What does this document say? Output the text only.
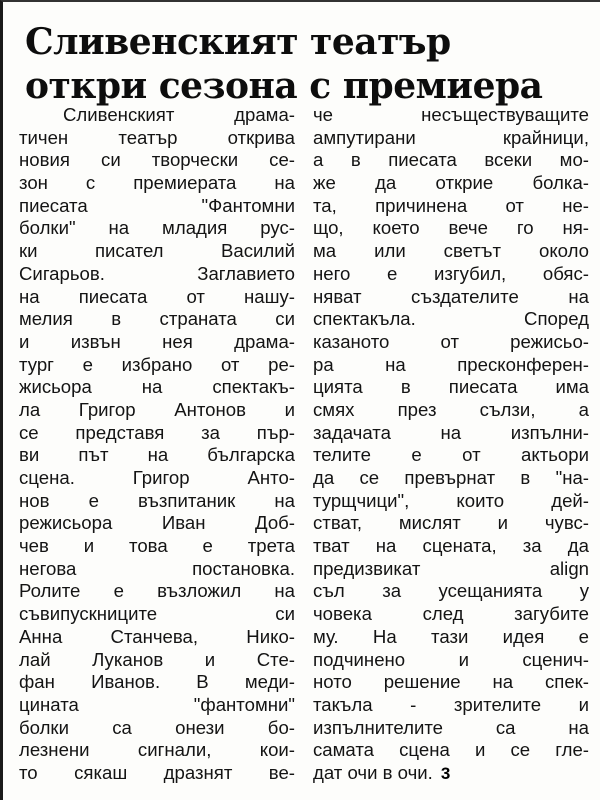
Сливенският театър
откри сезона с премиера
Сливенският драма-
тичен театър открива
новия си творчески се-
зон с премиерата на
пиесата "Фантомни
болки" на младия рус-
ки писател Василий
Сигарьов. Заглавието
на пиесата от нашу-
мелия в страната си
и извън нея драма-
тург е избрано от ре-
жисьора на спектакъ-
ла Григор Антонов и
се представя за пър-
ви път на българска
сцена. Григор Анто-
нов е възпитаник на
режисьора Иван Доб-
чев и това е трета
негова постановка.
Ролите е възложил на
съвипускниците си
Анна Станчева, Нико-
лай Луканов и Сте-
фан Иванов. В меди-
цината "фантомни"
болки са онези бо-
лезнени сигнали, кои-
то сякаш дразнят ве-
че несъществуващите
ампутирани крайници,
а в пиесата всеки мо-
же да открие болка-
та, причинена от не-
що, което вече го ня-
ма или светът около
него е изгубил, обяс-
няват създателите на
спектакъла. Според
казаното от режисьо-
ра на пресконферен-
цията в пиесата има
смях през сълзи, а
задачата на изпълни-
телите е от актьори
да се превърнат в "на-
турщчици", които дей-
стват, мислят и чувс-
тват на сцената, за да
предизвикат align
съл за усещанията у
човека след загубите
му. На тази идея е
подчинено и сценич-
ното решение на спек-
такъла - зрителите и
изпълнителите са на
самата сцена и се гле-
дат очи в очи. 3
